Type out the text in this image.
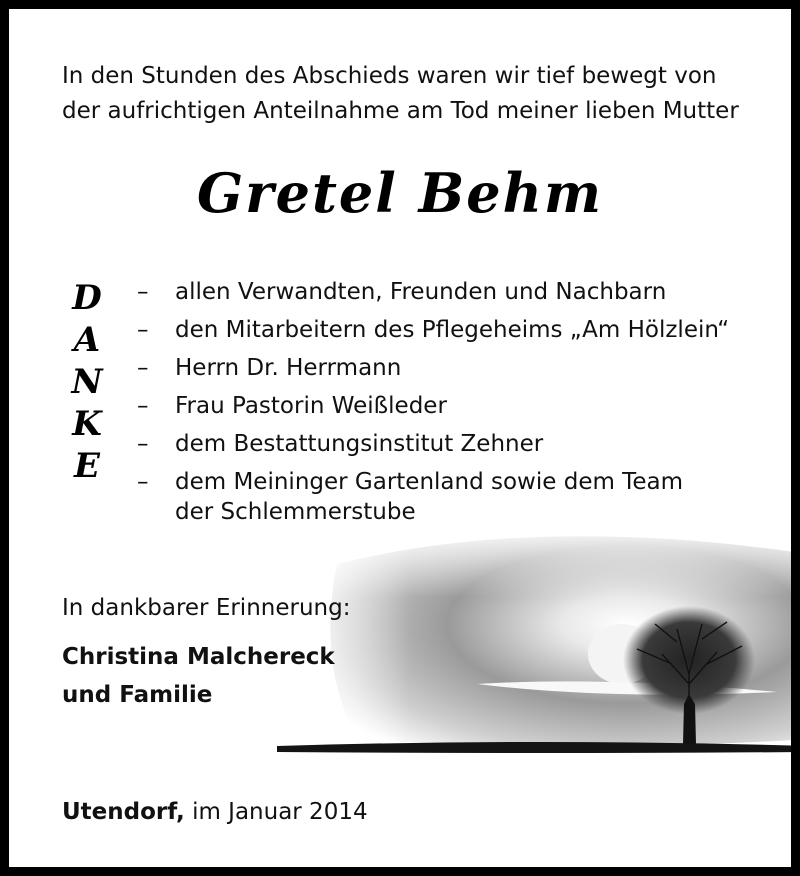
In den Stunden des Abschieds waren wir tief bewegt von
der aufrichtigen Anteilnahme am Tod meiner lieben Mutter
Gretel Behm
D
A
N
K
E
–	allen Verwandten, Freunden und Nachbarn
–	den Mitarbeitern des Pflegeheims „Am Hölzlein“
–	Herrn Dr. Herrmann
–	Frau Pastorin Weißleder
–	dem Bestattungsinstitut Zehner
–	dem Meininger Gartenland sowie dem Team
der Schlemmerstube
In dankbarer Erinnerung:
Christina Malchereck
und Familie
Utendorf, im Januar 2014
